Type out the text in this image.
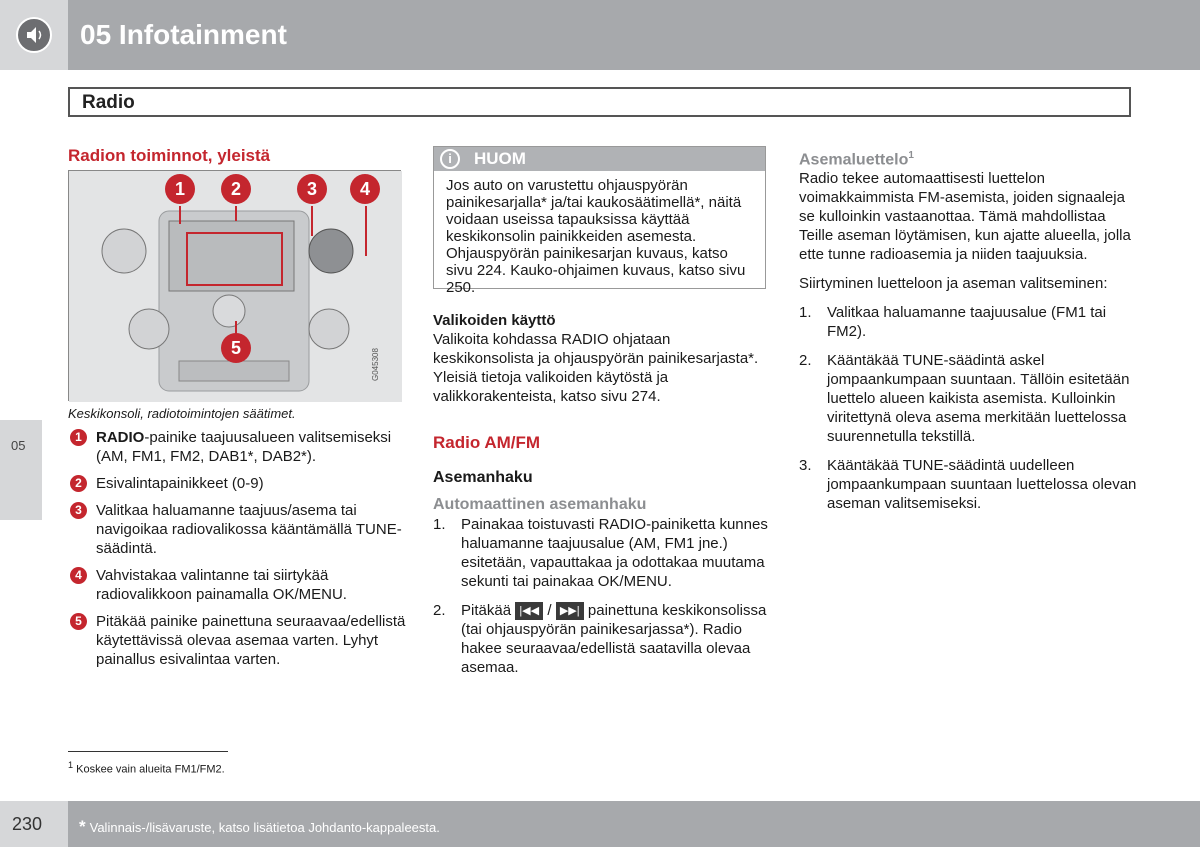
05 Infotainment
Radio
05
Radion toiminnot, yleistä
1	2	3	4
5
G045308
Keskikonsoli, radiotoimintojen säätimet.
1 RADIO-painike taajuusalueen valitsemiseksi (AM, FM1, FM2, DAB1*, DAB2*).
2 Esivalintapainikkeet (0-9)
3 Valitkaa haluamanne taajuus/asema tai navigoikaa radiovalikossa kääntämällä TUNE-säädintä.
4 Vahvistakaa valintanne tai siirtykää radiovalikkoon painamalla OK/MENU.
5 Pitäkää painike painettuna seuraavaa/edellistä käytettävissä olevaa asemaa varten. Lyhyt painallus esivalintaa varten.
i	HUOM
Jos auto on varustettu ohjauspyörän painikesarjalla* ja/tai kaukosäätimellä*, näitä voidaan useissa tapauksissa käyttää keskikonsolin painikkeiden asemesta. Ohjauspyörän painikesarjan kuvaus, katso sivu 224. Kauko-ohjaimen kuvaus, katso sivu 250.
Valikoiden käyttö
Valikoita kohdassa RADIO ohjataan keskikonsolista ja ohjauspyörän painikesarjasta*. Yleisiä tietoja valikoiden käytöstä ja valikkorakenteista, katso sivu 274.
Radio AM/FM
Asemanhaku
Automaattinen asemanhaku
1. Painakaa toistuvasti RADIO-painiketta kunnes haluamanne taajuusalue (AM, FM1 jne.) esitetään, vapauttakaa ja odottakaa muutama sekunti tai painakaa OK/MENU.
2. Pitäkää |◀◀ / ▶▶| painettuna keskikonsolissa (tai ohjauspyörän painikesarjassa*). Radio hakee seuraavaa/edellistä saatavilla olevaa asemaa.
Asemaluettelo$^1$
Radio tekee automaattisesti luettelon voimakkaimmista FM-asemista, joiden signaaleja se kulloinkin vastaanottaa. Tämä mahdollistaa Teille aseman löytämisen, kun ajatte alueella, jolla ette tunne radioasemia ja niiden taajuuksia.
Siirtyminen luetteloon ja aseman valitseminen:
1. Valitkaa haluamanne taajuusalue (FM1 tai FM2).
2. Kääntäkää TUNE-säädintä askel jompaankumpaan suuntaan. Tällöin esitetään luettelo alueen kaikista asemista. Kulloinkin viritettynä oleva asema merkitään luettelossa suurennetulla tekstillä.
3. Kääntäkää TUNE-säädintä uudelleen jompaankumpaan suuntaan luettelossa olevan aseman valitsemiseksi.
$^1$ Koskee vain alueita FM1/FM2.
230 * Valinnais-/lisävaruste, katso lisätietoa Johdanto-kappaleesta.
